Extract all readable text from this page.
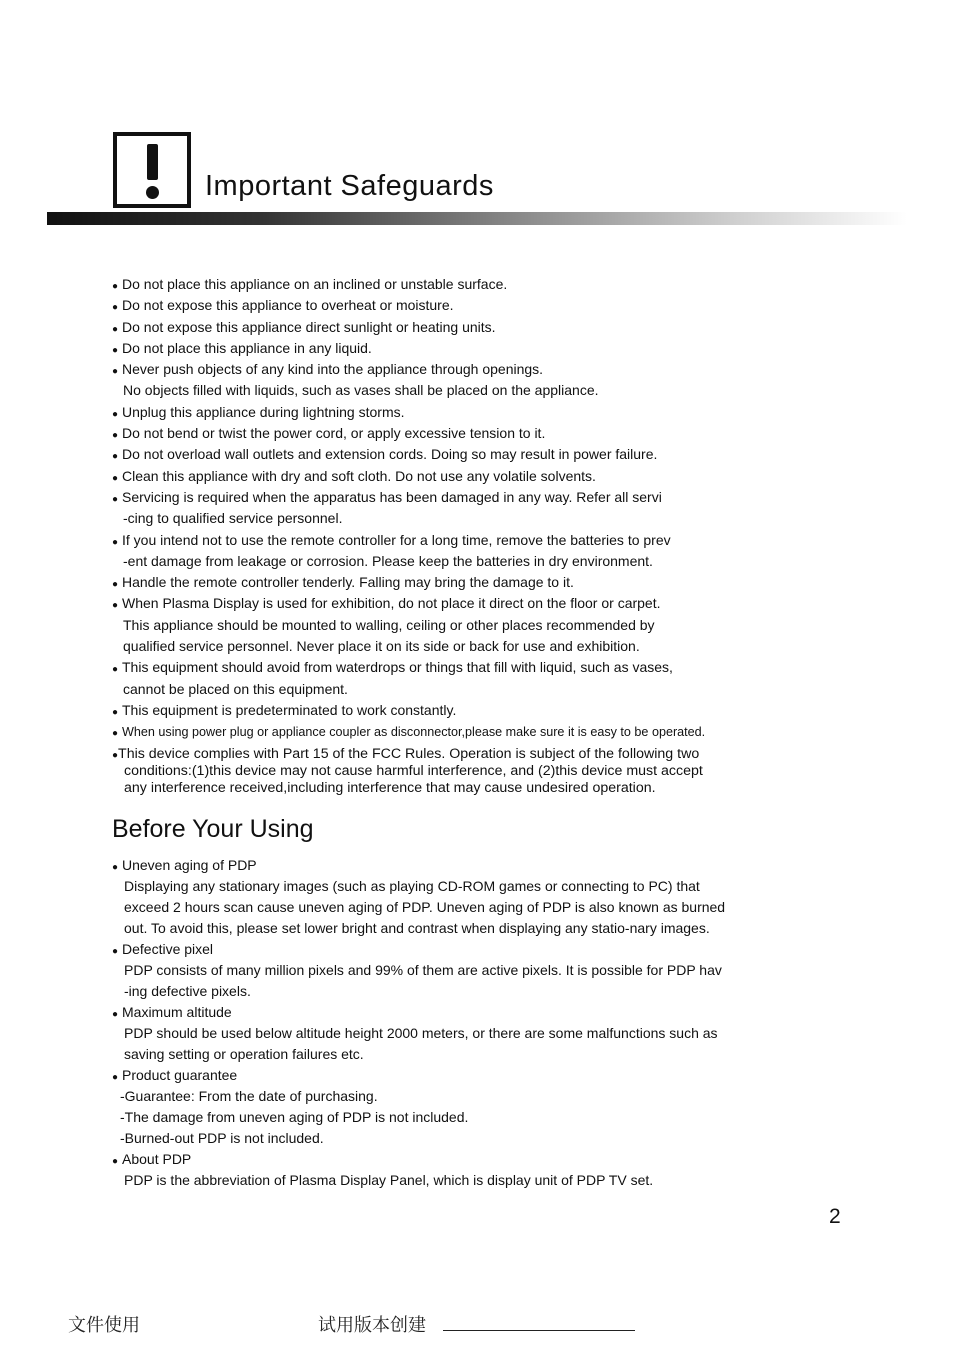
Important Safeguards
● Do not place this appliance on an inclined or unstable surface.
● Do not expose this appliance to overheat or moisture.
● Do not expose this appliance direct sunlight or heating units.
● Do not place this appliance in any liquid.
● Never push objects of any kind into the appliance through openings.
No objects filled with liquids, such as vases shall be placed on the appliance.
● Unplug this appliance during lightning storms.
● Do not bend or twist the power cord, or apply excessive tension to it.
● Do not overload wall outlets and extension cords. Doing so may result in power failure.
● Clean this appliance with dry and soft cloth. Do not use any volatile solvents.
● Servicing is required when the apparatus has been damaged in any way. Refer all servi
-cing to qualified service personnel.
● If you intend not to use the remote controller for a long time, remove the batteries to prev
-ent damage from leakage or corrosion. Please keep the batteries in dry environment.
● Handle the remote controller tenderly. Falling may bring the damage to it.
● When Plasma Display is used for exhibition, do not place it direct on the floor or carpet.
This appliance should be mounted to walling, ceiling or other places recommended by
qualified service personnel. Never place it on its side or back for use and exhibition.
● This equipment should avoid from waterdrops or things that fill with liquid, such as vases,
cannot be placed on this equipment.
● This equipment is predeterminated to work constantly.
● When using power plug or appliance coupler as disconnector,please make sure it is easy to be operated.
●This device complies with Part 15 of the FCC Rules. Operation is subject of the following two
conditions:(1)this device may not cause harmful interference, and (2)this device must accept
any interference received,including interference that may cause undesired operation.
Before Your Using
● Uneven aging of PDP
Displaying any stationary images (such as playing CD-ROM games or connecting to PC) that
exceed 2 hours scan cause uneven aging of PDP. Uneven aging of PDP is also known as burned
out. To avoid this, please set lower bright and contrast when displaying any statio-nary images.
● Defective pixel
PDP consists of many million pixels and 99% of them are active pixels. It is possible for PDP hav
-ing defective pixels.
● Maximum altitude
PDP should be used below altitude height 2000 meters, or there are some malfunctions such as
saving setting or operation failures etc.
● Product guarantee
-Guarantee: From the date of purchasing.
-The damage from uneven aging of PDP is not included.
-Burned-out PDP is not included.
● About PDP
PDP is the abbreviation of Plasma Display Panel, which is display unit of PDP TV set.
2
文件使用	试用版本创建
